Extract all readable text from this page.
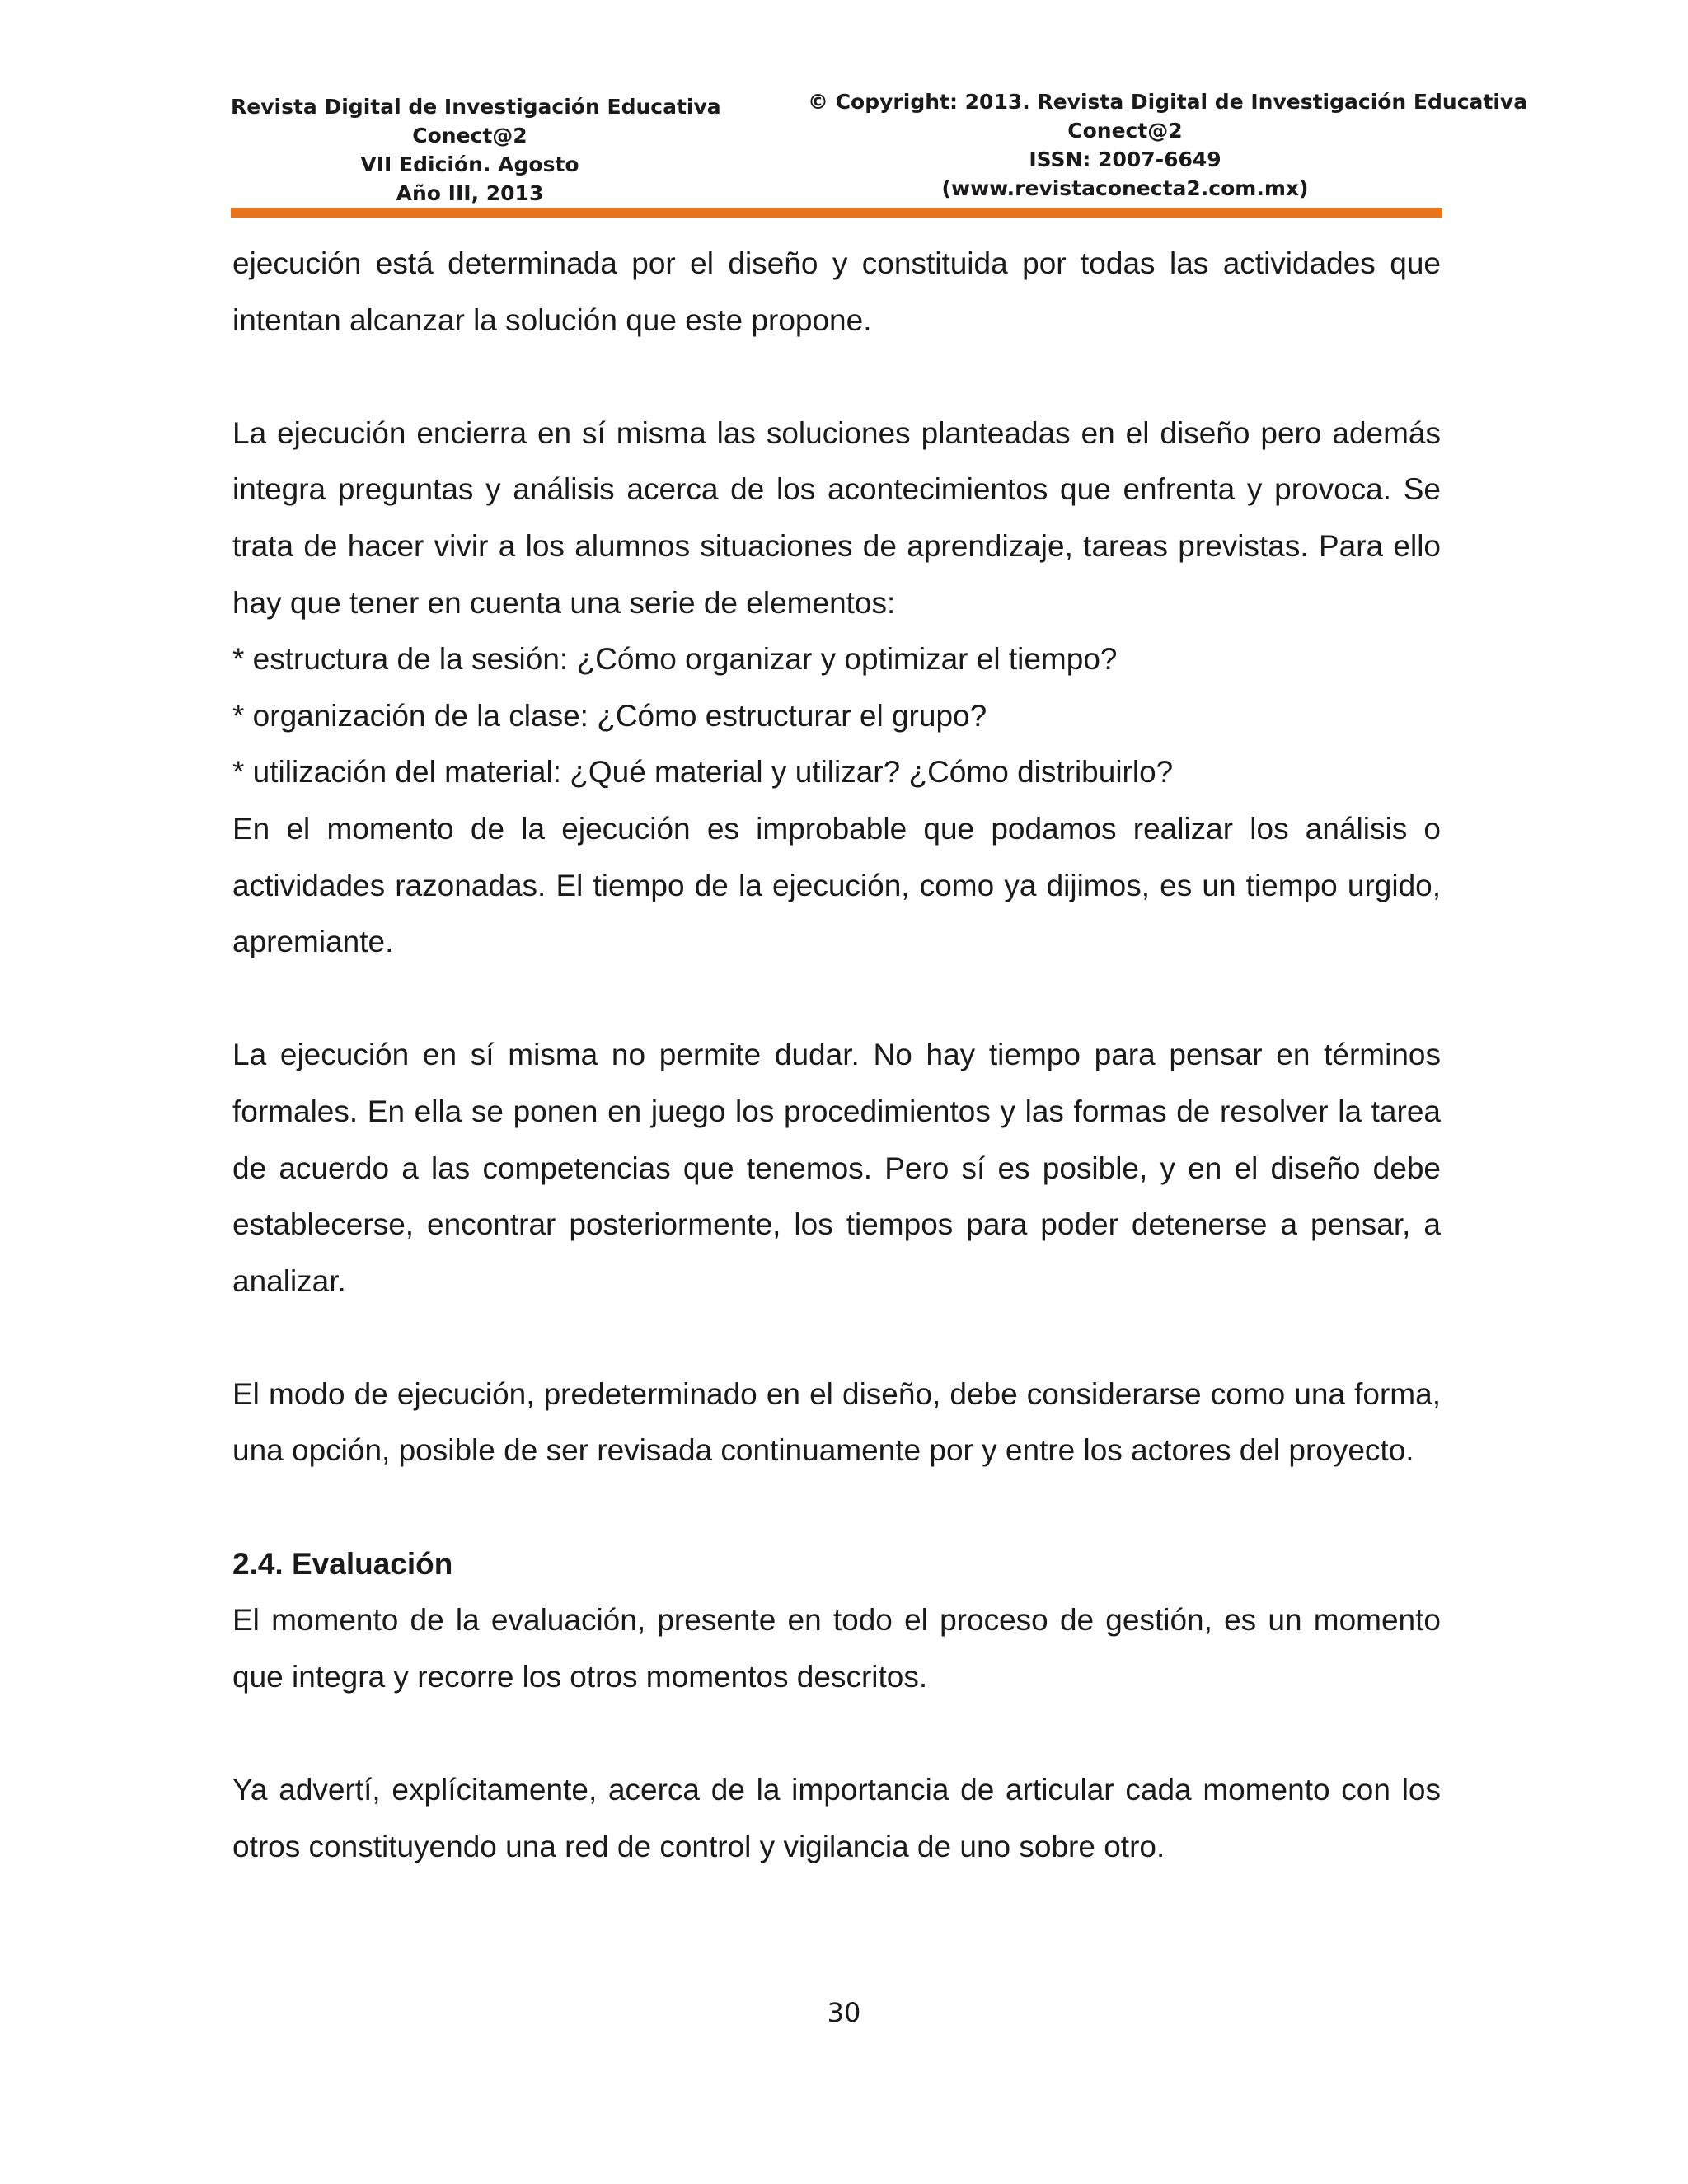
Revista Digital de Investigación Educativa
Conect@2
VII Edición. Agosto
Año III, 2013
© Copyright: 2013. Revista Digital de Investigación Educativa
Conect@2
ISSN: 2007-6649
(www.revistaconecta2.com.mx)

ejecución está determinada por el diseño y constituida por todas las actividades que intentan alcanzar la solución que este propone.

La ejecución encierra en sí misma las soluciones planteadas en el diseño pero además integra preguntas y análisis acerca de los acontecimientos que enfrenta y provoca. Se trata de hacer vivir a los alumnos situaciones de aprendizaje, tareas previstas. Para ello hay que tener en cuenta una serie de elementos:

* estructura de la sesión: ¿Cómo organizar y optimizar el tiempo?

* organización de la clase: ¿Cómo estructurar el grupo?

* utilización del material: ¿Qué material y utilizar? ¿Cómo distribuirlo?

En el momento de la ejecución es improbable que podamos realizar los análisis o actividades razonadas. El tiempo de la ejecución, como ya dijimos, es un tiempo urgido, apremiante.

La ejecución en sí misma no permite dudar. No hay tiempo para pensar en términos formales. En ella se ponen en juego los procedimientos y las formas de resolver la tarea de acuerdo a las competencias que tenemos. Pero sí es posible, y en el diseño debe establecerse, encontrar posteriormente, los tiempos para poder detenerse a pensar, a analizar.

El modo de ejecución, predeterminado en el diseño, debe considerarse como una forma, una opción, posible de ser revisada continuamente por y entre los actores del proyecto.

2.4. Evaluación

El momento de la evaluación, presente en todo el proceso de gestión, es un momento que integra y recorre los otros momentos descritos.

Ya advertí, explícitamente, acerca de la importancia de articular cada momento con los otros constituyendo una red de control y vigilancia de uno sobre otro.

30
